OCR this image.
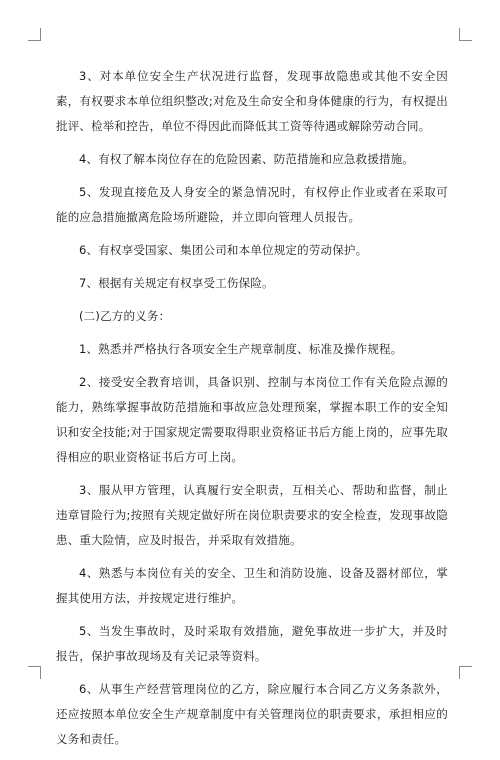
3、对本单位安全生产状况进行监督，发现事故隐患或其他不安全因素，有权要求本单位组织整改;对危及生命安全和身体健康的行为，有权提出批评、检举和控告，单位不得因此而降低其工资等待遇或解除劳动合同。

4、有权了解本岗位存在的危险因素、防范措施和应急救援措施。

5、发现直接危及人身安全的紧急情况时，有权停止作业或者在采取可能的应急措施撤离危险场所避险，并立即向管理人员报告。

6、有权享受国家、集团公司和本单位规定的劳动保护。

7、根据有关规定有权享受工伤保险。

(二)乙方的义务：

1、熟悉并严格执行各项安全生产规章制度、标准及操作规程。

2、接受安全教育培训，具备识别、控制与本岗位工作有关危险点源的能力，熟练掌握事故防范措施和事故应急处理预案，掌握本职工作的安全知识和安全技能;对于国家规定需要取得职业资格证书后方能上岗的，应事先取得相应的职业资格证书后方可上岗。

3、服从甲方管理，认真履行安全职责，互相关心、帮助和监督，制止违章冒险行为;按照有关规定做好所在岗位职责要求的安全检查，发现事故隐患、重大险情，应及时报告，并采取有效措施。

4、熟悉与本岗位有关的安全、卫生和消防设施、设备及器材部位，掌握其使用方法，并按规定进行维护。

5、当发生事故时，及时采取有效措施，避免事故进一步扩大，并及时报告，保护事故现场及有关记录等资料。

6、从事生产经营管理岗位的乙方，除应履行本合同乙方义务条款外，还应按照本单位安全生产规章制度中有关管理岗位的职责要求，承担相应的义务和责任。
